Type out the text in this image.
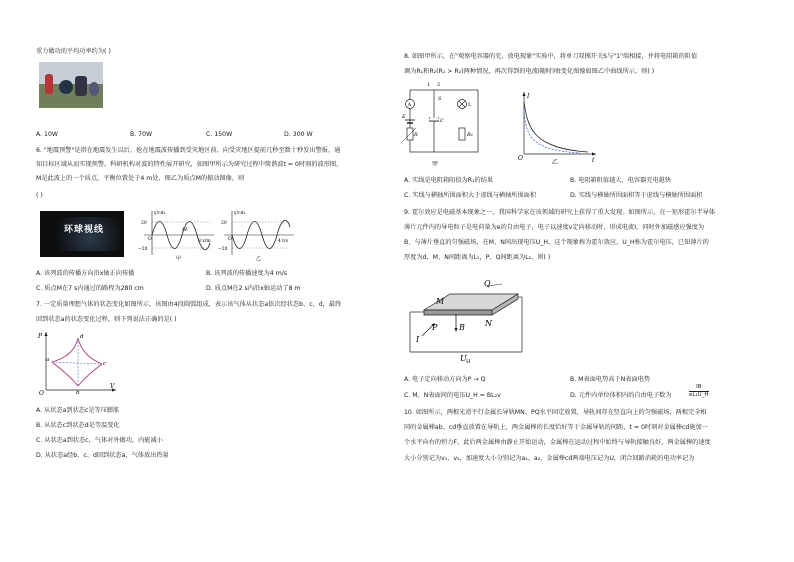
重力做功的平均功率约为( )
A. 10W	B. 70W	C. 150W	D. 300 W
6. "地震预警"是指在地震发生以后，抢在地震波传播到受灾地区前，向受灾地区提前几秒至数十秒发出警报，通
知目标区域从而实现预警。科研机构对波的特性展开研究，如图甲所示为研究过程中简谐波t = 0时刻的波形图，
M是此波上的一个质点，平衡位置处于4 m处，图乙为质点M的振动图像，则
( )
环球视线
y/cm
20
−20
O
M
8 x/m
甲
y/cm
20
−20
O	4 t/s
乙
A. 该列波的传播方向沿x轴正向传播	B. 该列波的传播速度为4 m/s
C. 质点M在7 s内通过的路程为280 cm	D. 质点M在2 s内沿x轴运动了8 m
7. 一定质量理想气体的状态变化如图所示，该图由4段圆弧组成，表示该气体从状态a依次经状态b、c、d，最终
回到状态a的状态变化过程，则下列说法正确的是( )
P
V
O
a
d
c
b
A. 从状态a到状态c是等压膨胀
B. 从状态c到状态d是等温变化
C. 从状态a到状态c，气体对外做功，内能减小
D. 从状态a经b、c、d回到状态a，气体放出热量
8. 如图甲所示，在"观察电容器的充、放电现象"实验中，将单刀双掷开关S与"1"端相接，并将电阻箱的阻值
调为R₁和R₂(R₁ > R₂)两种情况，再次得到的电流I随时间t变化图像如图乙中曲线所示，则( )
A
E
R
C
L
R₀
1 2
S
甲
I
t
O
乙
A. 实线是电阻箱阻值为R₁的结果	B. 电阻箱阻值越大，电容器充电越快
C. 实线与横轴所围面积大于虚线与横轴所围面积	D. 实线与横轴所围面积等于虚线与横轴所围面积
9. 霍尔效应是电磁基本现象之一，我国科学家在该领域的研究上获得了重大发现。如图所示，在一矩形霍尔半导体
薄片元件内的导电粒子是电荷量为e的自由电子，电子以速度v定向移动时，形成电流I，同时外加磁感应强度为
B、与薄片垂直的匀强磁场，在M、N间出现电压U_H，这个现象称为霍尔效应，U_H称为霍尔电压，已知薄片的
厚度为d，M、N间距离为L₁，P、Q间距离为L₂，则( )
M
Q
N
P	B
I
U H
A. 电子定向移动方向为P → Q	B. M表面电势高于N表面电势
C. M、N表面间的电压U_H = BL₂v	D. 元件内单位体积内的自由电子数为	$\frac{IB}{\text{eL₁U\_H}}$
10. 如图所示，两根光滑平行金属长导轨MN、PQ水平固定放置，导轨间存在竖直向上的匀强磁场，两根完全相
同的金属棒ab、cd垂直放置在导轨上，两金属棒的长度恰好等于金属导轨的间距，t = 0时刻对金属棒cd施加一
个水平向右的恒力F，此后两金属棒由静止开始运动，金属棒在运动过程中始终与导轨接触良好，两金属棒的速度
大小分别记为v₁、v₂，加速度大小分别记为a₁、a₂，金属棒cd两端电压记为U，闭合回路消耗的电功率记为
